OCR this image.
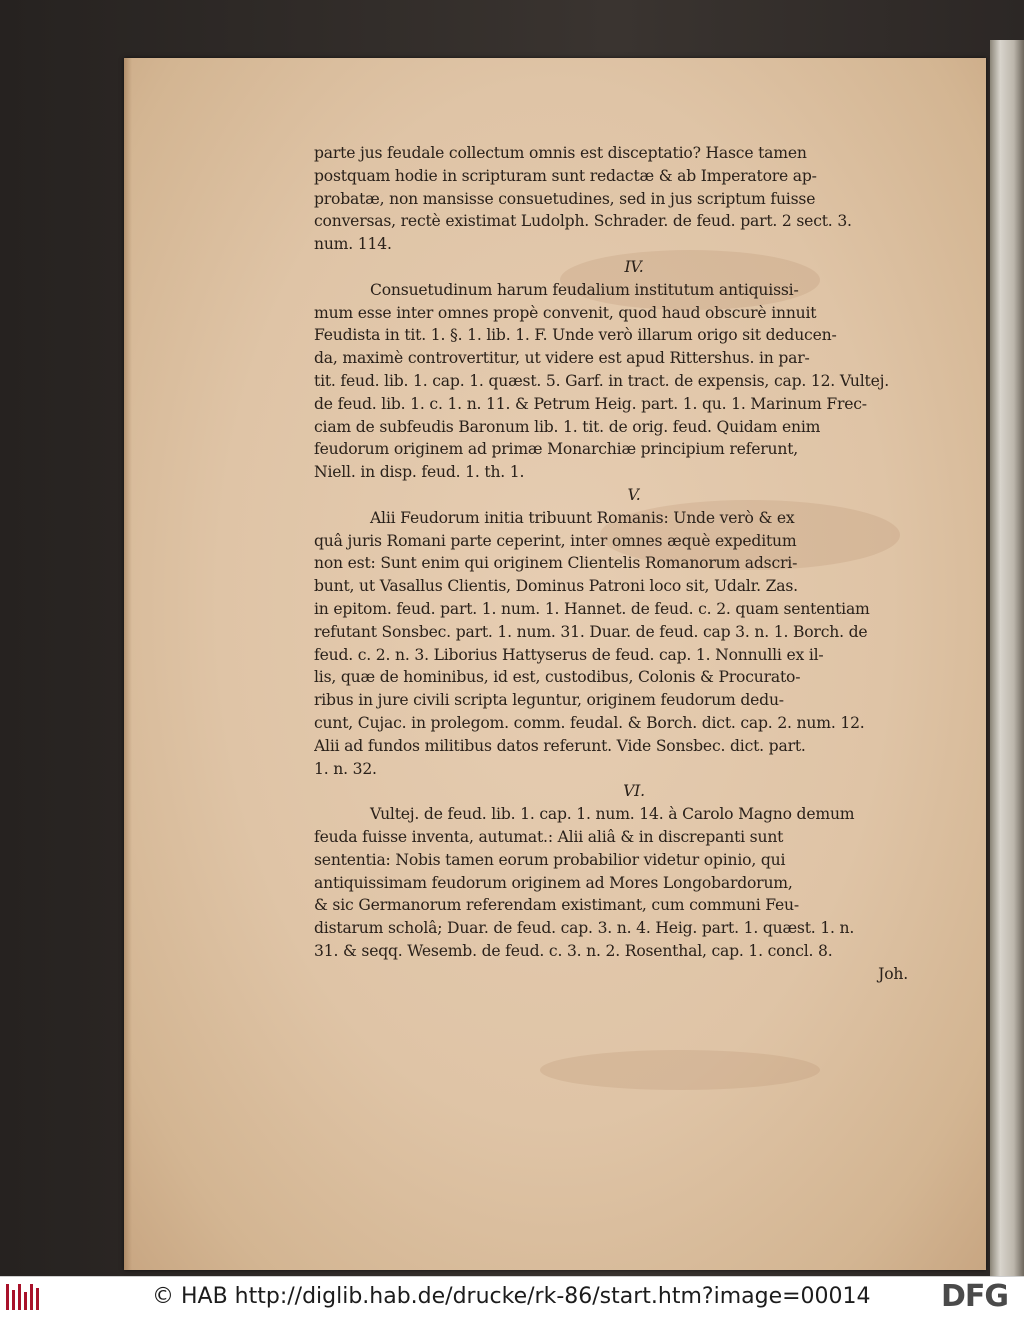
parte jus feudale collectum omnis est disceptatio? Hasce tamen
postquam hodie in scripturam sunt redactæ & ab Imperatore ap-
probatæ, non mansisse consuetudines, sed in jus scriptum fuisse
conversas, rectè existimat Ludolph. Schrader. de feud. part. 2 sect. 3.
num. 114.
IV.
Consuetudinum harum feudalium institutum antiquissi-
mum esse inter omnes propè convenit, quod haud obscurè innuit
Feudista in tit. 1. §. 1. lib. 1. F. Unde verò illarum origo sit deducen-
da, maximè controvertitur, ut videre est apud Rittershus. in par-
tit. feud. lib. 1. cap. 1. quæst. 5. Garf. in tract. de expensis, cap. 12. Vultej.
de feud. lib. 1. c. 1. n. 11. & Petrum Heig. part. 1. qu. 1. Marinum Frec-
ciam de subfeudis Baronum lib. 1. tit. de orig. feud. Quidam enim
feudorum originem ad primæ Monarchiæ principium referunt,
Niell. in disp. feud. 1. th. 1.
V.
Alii Feudorum initia tribuunt Romanis: Unde verò & ex
quâ juris Romani parte ceperint, inter omnes æquè expeditum
non est: Sunt enim qui originem Clientelis Romanorum adscri-
bunt, ut Vasallus Clientis, Dominus Patroni loco sit, Udalr. Zas.
in epitom. feud. part. 1. num. 1. Hannet. de feud. c. 2. quam sententiam
refutant Sonsbec. part. 1. num. 31. Duar. de feud. cap 3. n. 1. Borch. de
feud. c. 2. n. 3. Liborius Hattyserus de feud. cap. 1. Nonnulli ex il-
lis, quæ de hominibus, id est, custodibus, Colonis & Procurato-
ribus in jure civili scripta leguntur, originem feudorum dedu-
cunt, Cujac. in prolegom. comm. feudal. & Borch. dict. cap. 2. num. 12.
Alii ad fundos militibus datos referunt. Vide Sonsbec. dict. part.
1. n. 32.
VI.
Vultej. de feud. lib. 1. cap. 1. num. 14. à Carolo Magno demum
feuda fuisse inventa, autumat.: Alii aliâ & in discrepanti sunt
sententia: Nobis tamen eorum probabilior videtur opinio, qui
antiquissimam feudorum originem ad Mores Longobardorum,
& sic Germanorum referendam existimant, cum communi Feu-
distarum scholâ; Duar. de feud. cap. 3. n. 4. Heig. part. 1. quæst. 1. n.
31. & seqq. Wesemb. de feud. c. 3. n. 2. Rosenthal, cap. 1. concl. 8.
Joh.
© HAB http://diglib.hab.de/drucke/rk-86/start.htm?image=00014 DFG
